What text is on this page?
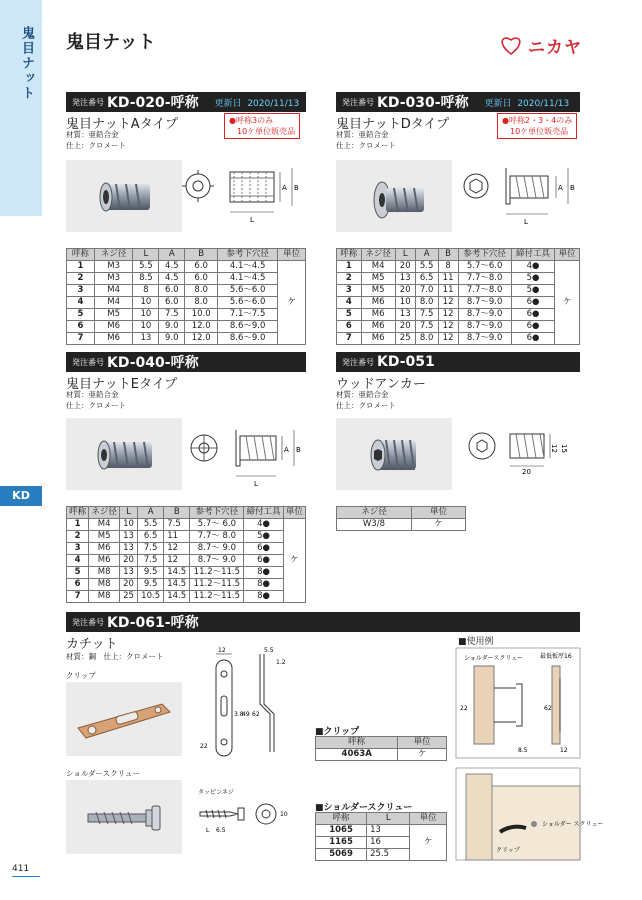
鬼目ナット
KD
鬼目ナット	ニカヤ
発注番号 KD-020-呼称 更新日 2020/11/13
鬼目ナットAタイプ
材質：亜鉛合金
仕上：クロメート
●呼称3のみ
10ケ単位販売品
A B
L
呼称	ネジ径	L	A	B	参考下穴径	単位
1	M3	5.5	4.5	6.0	4.1〜4.5	ケ
2	M3	8.5	4.5	6.0	4.1〜4.5	
3	M4	8	6.0	8.0	5.6〜6.0	
4	M4	10	6.0	8.0	5.6〜6.0	
5	M5	10	7.5	10.0	7.1〜7.5	
6	M6	10	9.0	12.0	8.6〜9.0	
7	M6	13	9.0	12.0	8.6〜9.0	
発注番号 KD-030-呼称 更新日 2020/11/13
鬼目ナットDタイプ
材質：亜鉛合金
仕上：クロメート
●呼称2・3・4のみ
10ケ単位販売品
A B
L
呼称	ネジ径	L	A	B	参考下穴径	締付工具	単位
1	M4	20	5.5	8	5.7〜6.0	4●	ケ
2	M5	13	6.5	11	7.7〜8.0	5●	
3	M5	20	7.0	11	7.7〜8.0	5●	
4	M6	10	8.0	12	8.7〜9.0	6●	
5	M6	13	7.5	12	8.7〜9.0	6●	
6	M6	20	7.5	12	8.7〜9.0	6●	
7	M6	25	8.0	12	8.7〜9.0	6●	
発注番号 KD-040-呼称
鬼目ナットEタイプ
材質：亜鉛合金
仕上：クロメート
A B
L
呼称	ネジ径	L	A	B	参考下穴径	締付工具	単位
1	M4	10	5.5	7.5	5.7〜 6.0	4●	ケ
2	M5	13	6.5	11	7.7〜 8.0	5●	
3	M6	13	7.5	12	8.7〜 9.0	6●	
4	M6	20	7.5	12	8.7〜 9.0	6●	
5	M8	13	9.5	14.5	11.2〜11.5	8●	
6	M8	20	9.5	14.5	11.2〜11.5	8●	
7	M8	25	10.5	14.5	11.2〜11.5	8●	
発注番号 KD-051
ウッドアンカー
材質：亜鉛合金
仕上：クロメート
12 15
20
ネジ径	単位
W3/8	ケ
発注番号 KD-061-呼称
カチット
材質：鋼　仕上：クロメート
クリップ
ショルダースクリュー
12	5.5
1.2
3.8
49 62
22
タッピンネジ
10
6.5
L
■クリップ
呼称	単位
4063A	ケ
■ショルダースクリュー
呼称	L	単位
1065	13	ケ
1165	16	
5069	25.5	
■使用例
ショルダースクリュー	最低板厚16
22	62
8.5	12
ショルダー スクリュー
クリップ
411
